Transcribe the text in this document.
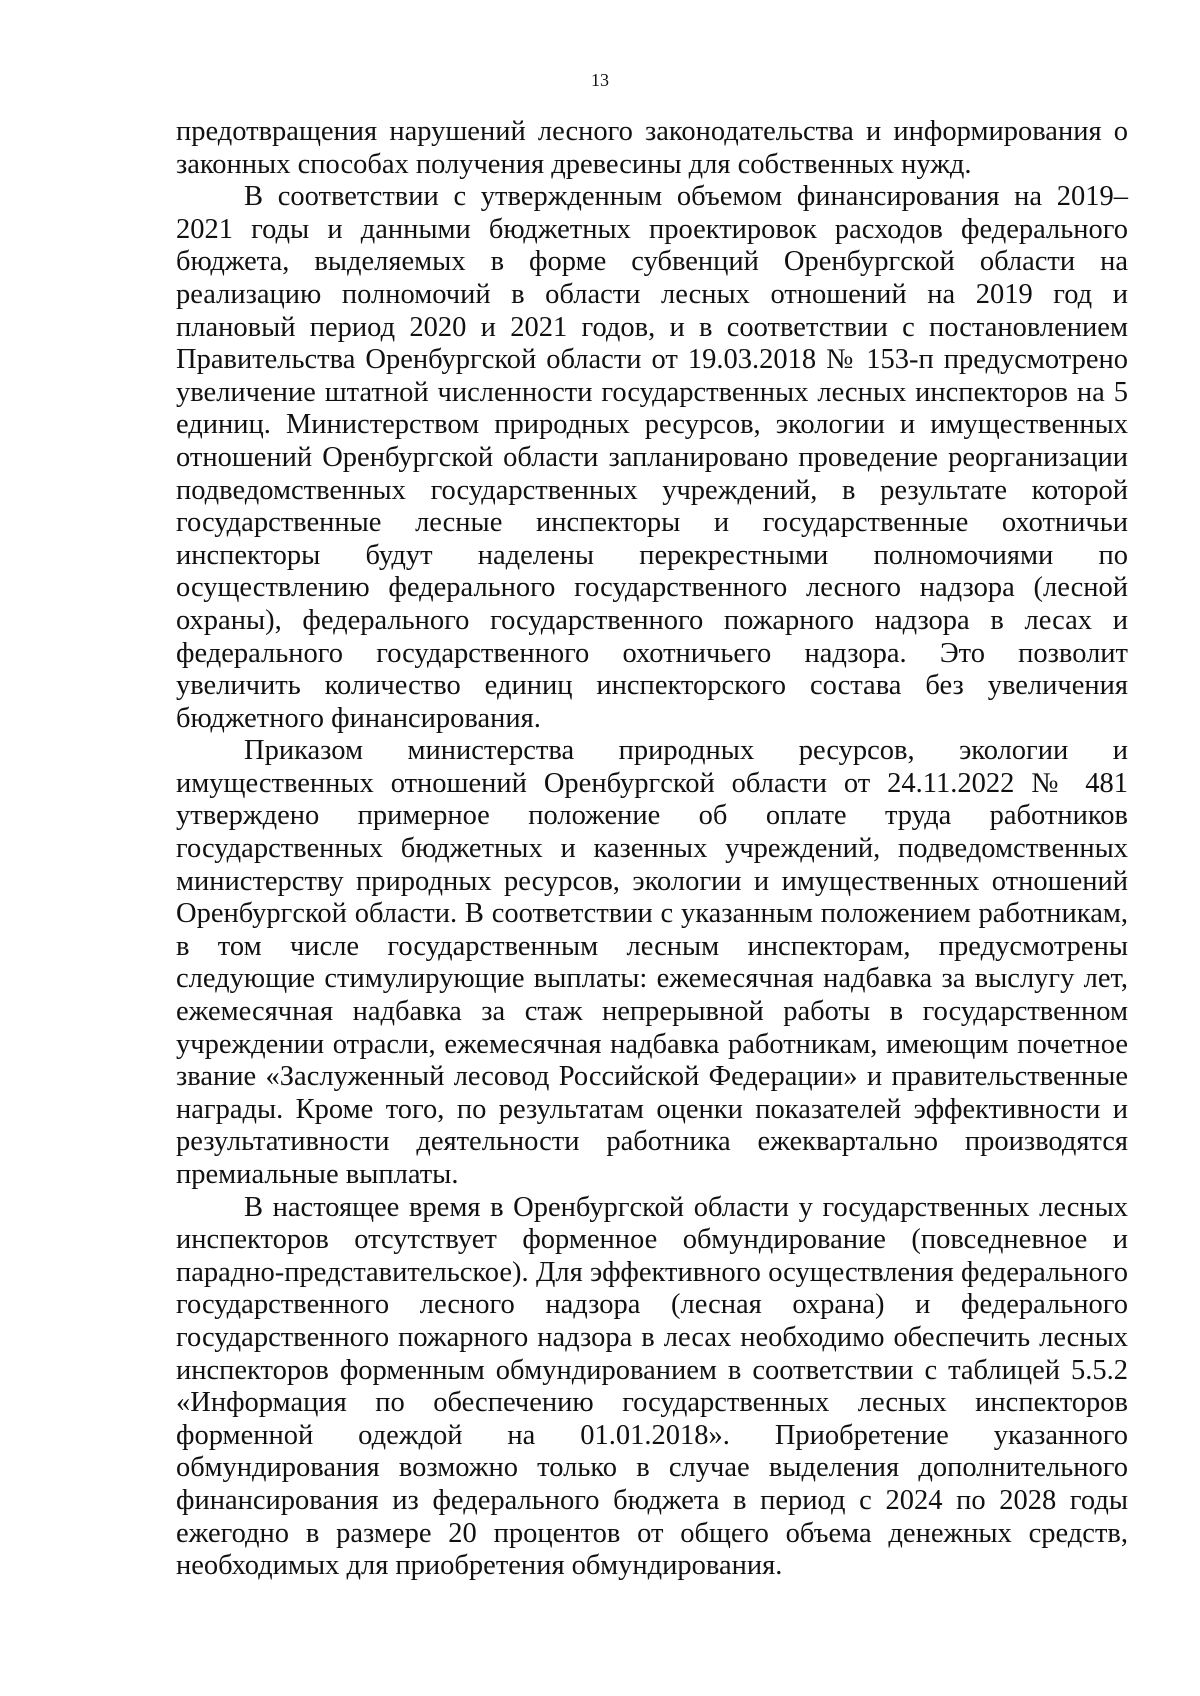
13

предотвращения нарушений лесного законодательства и информирования о законных способах получения древесины для собственных нужд.

В соответствии с утвержденным объемом финансирования на 2019–2021 годы и данными бюджетных проектировок расходов федерального бюджета, выделяемых в форме субвенций Оренбургской области на реализацию полномочий в области лесных отношений на 2019 год и плановый период 2020 и 2021 годов, и в соответствии с постановлением Правительства Оренбургской области от 19.03.2018 № 153-п предусмотрено увеличение штатной численности государственных лесных инспекторов на 5 единиц. Министерством природных ресурсов, экологии и имущественных отношений Оренбургской области запланировано проведение реорганизации подведомственных государственных учреждений, в результате которой государственные лесные инспекторы и государственные охотничьи инспекторы будут наделены перекрестными полномочиями по осуществлению федерального государственного лесного надзора (лесной охраны), федерального государственного пожарного надзора в лесах и федерального государственного охотничьего надзора. Это позволит увеличить количество единиц инспекторского состава без увеличения бюджетного финансирования.

Приказом министерства природных ресурсов, экологии и имущественных отношений Оренбургской области от 24.11.2022 № 481 утверждено примерное положение об оплате труда работников государственных бюджетных и казенных учреждений, подведомственных министерству природных ресурсов, экологии и имущественных отношений Оренбургской области. В соответствии с указанным положением работникам, в том числе государственным лесным инспекторам, предусмотрены следующие стимулирующие выплаты: ежемесячная надбавка за выслугу лет, ежемесячная надбавка за стаж непрерывной работы в государственном учреждении отрасли, ежемесячная надбавка работникам, имеющим почетное звание «Заслуженный лесовод Российской Федерации» и правительственные награды. Кроме того, по результатам оценки показателей эффективности и результативности деятельности работника ежеквартально производятся премиальные выплаты.

В настоящее время в Оренбургской области у государственных лесных инспекторов отсутствует форменное обмундирование (повседневное и парадно-представительское). Для эффективного осуществления федерального государственного лесного надзора (лесная охрана) и федерального государственного пожарного надзора в лесах необходимо обеспечить лесных инспекторов форменным обмундированием в соответствии с таблицей 5.5.2 «Информация по обеспечению государственных лесных инспекторов форменной одеждой на 01.01.2018». Приобретение указанного обмундирования возможно только в случае выделения дополнительного финансирования из федерального бюджета в период с 2024 по 2028 годы ежегодно в размере 20 процентов от общего объема денежных средств, необходимых для приобретения обмундирования.
